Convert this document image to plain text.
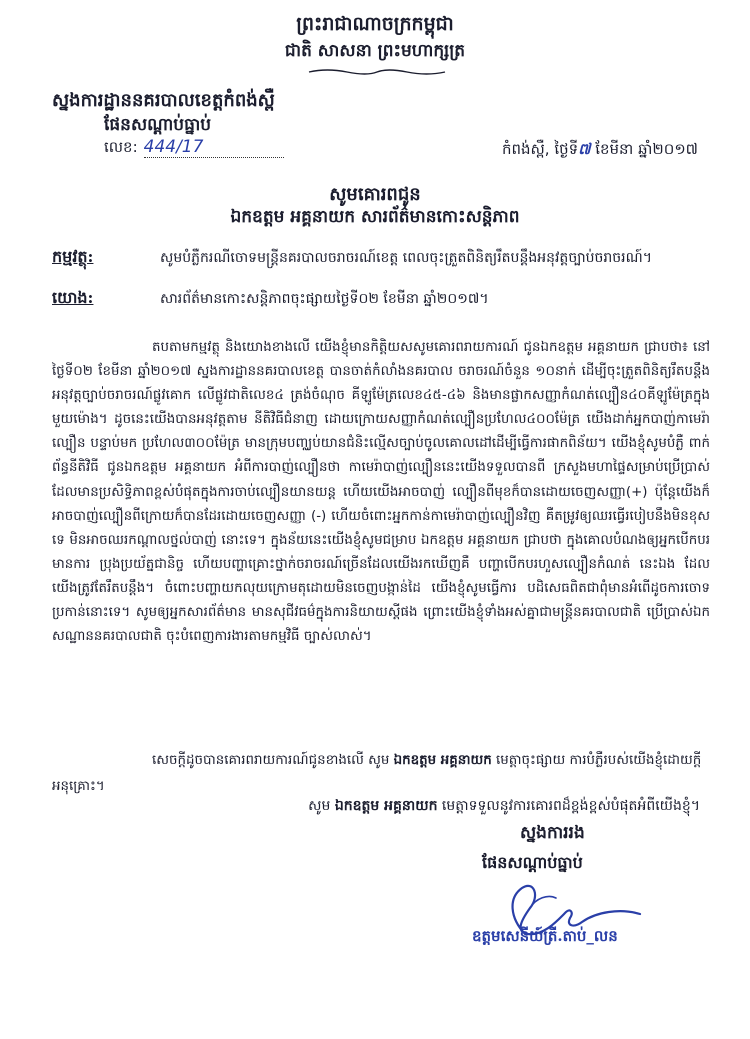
ព្រះរាជាណាចក្រកម្ពុជា
ជាតិ សាសនា ព្រះមហាក្សត្រ
ស្នងការដ្ឋាននគរបាលខេត្តកំពង់ស្ពឺ
ផែនសណ្ដាប់ធ្នាប់
លេខ: 444/17	កំពង់ស្ពឺ, ថ្ងៃទី៧ ខែមីនា ឆ្នាំ២០១៧
សូមគោរពជូន
ឯកឧត្តម អគ្គនាយក សារព័ត៌មានកោះសន្តិភាព
កម្មវត្ថុ:	សូមបំភ្លឺករណីចោទមន្ត្រីនគរបាលចរាចរណ៍ខេត្ត ពេលចុះត្រួតពិនិត្យរឹតបន្តឹងអនុវត្តច្បាប់ចរាចរណ៍។
យោង:	សារព័ត៌មានកោះសន្តិភាពចុះផ្សាយថ្ងៃទី០២ ខែមីនា ឆ្នាំ២០១៧។
តបតាមកម្មវត្ថុ និងយោងខាងលើ យើងខ្ញុំមានកិត្តិយសសូមគោរពរាយការណ៍ ជូនឯកឧត្តម អគ្គនាយក ជ្រាបថា៖ នៅថ្ងៃទី០២ ខែមីនា ឆ្នាំ២០១៧ ស្នងការដ្ឋាននគរបាលខេត្ត បានចាត់កំលាំងនគរបាល ចរាចរណ៍ចំនួន ១០នាក់ ដើម្បីចុះត្រួតពិនិត្យរឹតបន្តឹងអនុវត្តច្បាប់ចរាចរណ៍ផ្លូវគោក លើផ្លូវជាតិលេខ៤ ត្រង់ចំណុច គីឡូម៉ែត្រលេខ៤៥-៤៦ និងមានផ្លាកសញ្ញាកំណត់ល្បឿន៤០គីឡូម៉ែត្រក្នុងមួយម៉ោង។ ដូចនេះយើងបានអនុវត្តតាម នីតិវិធីជំនាញ ដោយក្រោយសញ្ញាកំណត់ល្បឿនប្រហែល៤០០ម៉ែត្រ យើងដាក់អ្នកបាញ់កាមេរ៉ាល្បឿន បន្ទាប់មក ប្រហែល៣០០ម៉ែត្រ មានក្រុមបញ្ឈប់យានជំនិះល្មើសច្បាប់ចូលគោលដៅដើម្បីធ្វើការផាកពិន័យ។ យើងខ្ញុំសូមបំភ្លឺ ពាក់ព័ន្ធនីតិវិធី ជូនឯកឧត្តម អគ្គនាយក អំពីការបាញ់ល្បឿនថា កាមេរ៉ាបាញ់ល្បឿននេះយើងទទួលបានពី ក្រសួងមហាផ្ទៃសម្រាប់ប្រើប្រាស់ដែលមានប្រសិទ្ធិភាពខ្ពស់បំផុតក្នុងការចាប់ល្បឿនយានយន្ត ហើយយើងអាចបាញ់ ល្បឿនពីមុខក៏បានដោយចេញសញ្ញា(+) ប៉ុន្តែយើងក៏អាចបាញ់ល្បឿនពីក្រោយក៏បានដែរដោយចេញសញ្ញា (-) ហើយចំពោះអ្នកកាន់កាមេរ៉ាបាញ់ល្បឿនវិញ គឺតម្រូវឲ្យឈរធ្វើរបៀបនឹងមិនខុសទេ មិនអាចឈរកណ្ដាលថ្នល់បាញ់ នោះទេ។ ក្នុងន័យនេះយើងខ្ញុំសូមជម្រាប ឯកឧត្តម អគ្គនាយក ជ្រាបថា ក្នុងគោលបំណងឲ្យអ្នកបើកបរមានការ ប្រុងប្រយ័ត្នជានិច្ច ហើយបញ្ហាគ្រោះថ្នាក់ចរាចរណ៍ច្រើនដែលយើងរកឃើញគឺ បញ្ហាបើកបរហួសល្បឿនកំណត់ នេះឯង ដែលយើងត្រូវតែរឹតបន្តឹង។ ចំពោះបញ្ហាយកលុយក្រោមតុដោយមិនចេញបង្កាន់ដៃ យើងខ្ញុំសូមធ្វើការ បដិសេធពិតជាពុំមានអំពើដូចការចោទប្រកាន់នោះទេ។ សូមឲ្យអ្នកសារព័ត៌មាន មានសុជីវធម៌ក្នុងការនិយាយស្តីផង ព្រោះយើងខ្ញុំទាំងអស់គ្នាជាមន្ត្រីនគរបាលជាតិ ប្រើប្រាស់ឯកសណ្ឋាននគរបាលជាតិ ចុះបំពេញការងារតាមកម្មវិធី ច្បាស់លាស់។
សេចក្តីដូចបានគោរពរាយការណ៍ជូនខាងលើ សូម ឯកឧត្តម អគ្គនាយក មេត្តាចុះផ្សាយ ការបំភ្លឺរបស់យើងខ្ញុំដោយក្តីអនុគ្រោះ។
សូម ឯកឧត្តម អគ្គនាយក មេត្តាទទួលនូវការគោរពដ៏ខ្ពង់ខ្ពស់បំផុតអំពីយើងខ្ញុំ។
ស្នងការរង
ផែនសណ្ដាប់ធ្នាប់
ឧត្តមសេនីយ៍ត្រី.តាប់_លន
